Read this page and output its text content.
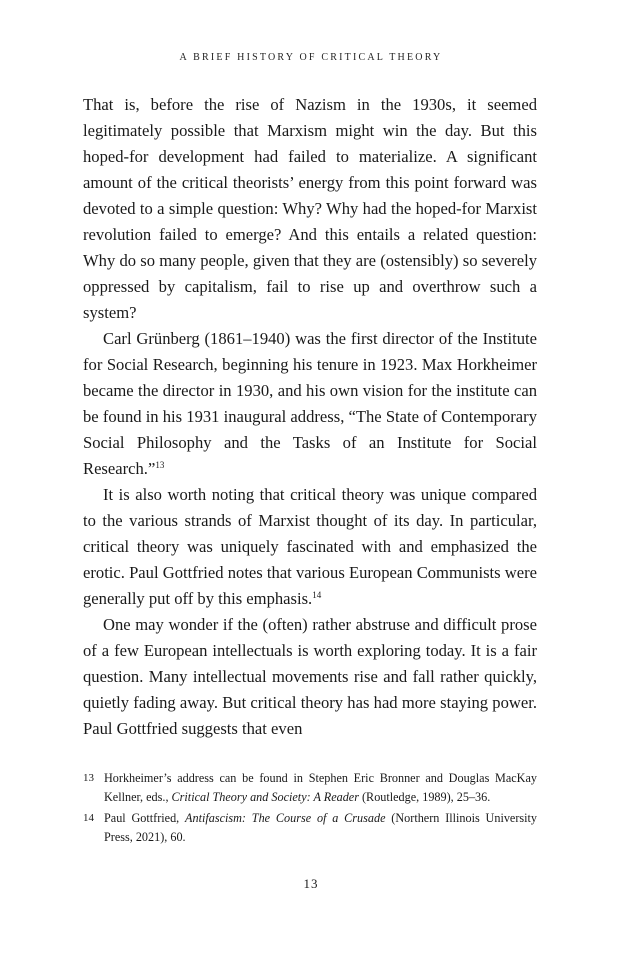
A BRIEF HISTORY OF CRITICAL THEORY

That is, before the rise of Nazism in the 1930s, it seemed legitimately possible that Marxism might win the day. But this hoped-for development had failed to materialize. A significant amount of the critical theorists’ energy from this point forward was devoted to a simple question: Why? Why had the hoped-for Marxist revolution failed to emerge? And this entails a related question: Why do so many people, given that they are (ostensibly) so severely oppressed by capitalism, fail to rise up and overthrow such a system?

Carl Grünberg (1861–1940) was the first director of the Institute for Social Research, beginning his tenure in 1923. Max Horkheimer became the director in 1930, and his own vision for the institute can be found in his 1931 inaugural address, “The State of Contemporary Social Philosophy and the Tasks of an Institute for Social Research.”$^{13}$

It is also worth noting that critical theory was unique compared to the various strands of Marxist thought of its day. In particular, critical theory was uniquely fascinated with and emphasized the erotic. Paul Gottfried notes that various European Communists were generally put off by this emphasis.$^{14}$

One may wonder if the (often) rather abstruse and difficult prose of a few European intellectuals is worth exploring today. It is a fair question. Many intellectual movements rise and fall rather quickly, quietly fading away. But critical theory has had more staying power. Paul Gottfried suggests that even

13 Horkheimer’s address can be found in Stephen Eric Bronner and Douglas MacKay Kellner, eds., Critical Theory and Society: A Reader (Routledge, 1989), 25–36.
14 Paul Gottfried, Antifascism: The Course of a Crusade (Northern Illinois University Press, 2021), 60.
13
